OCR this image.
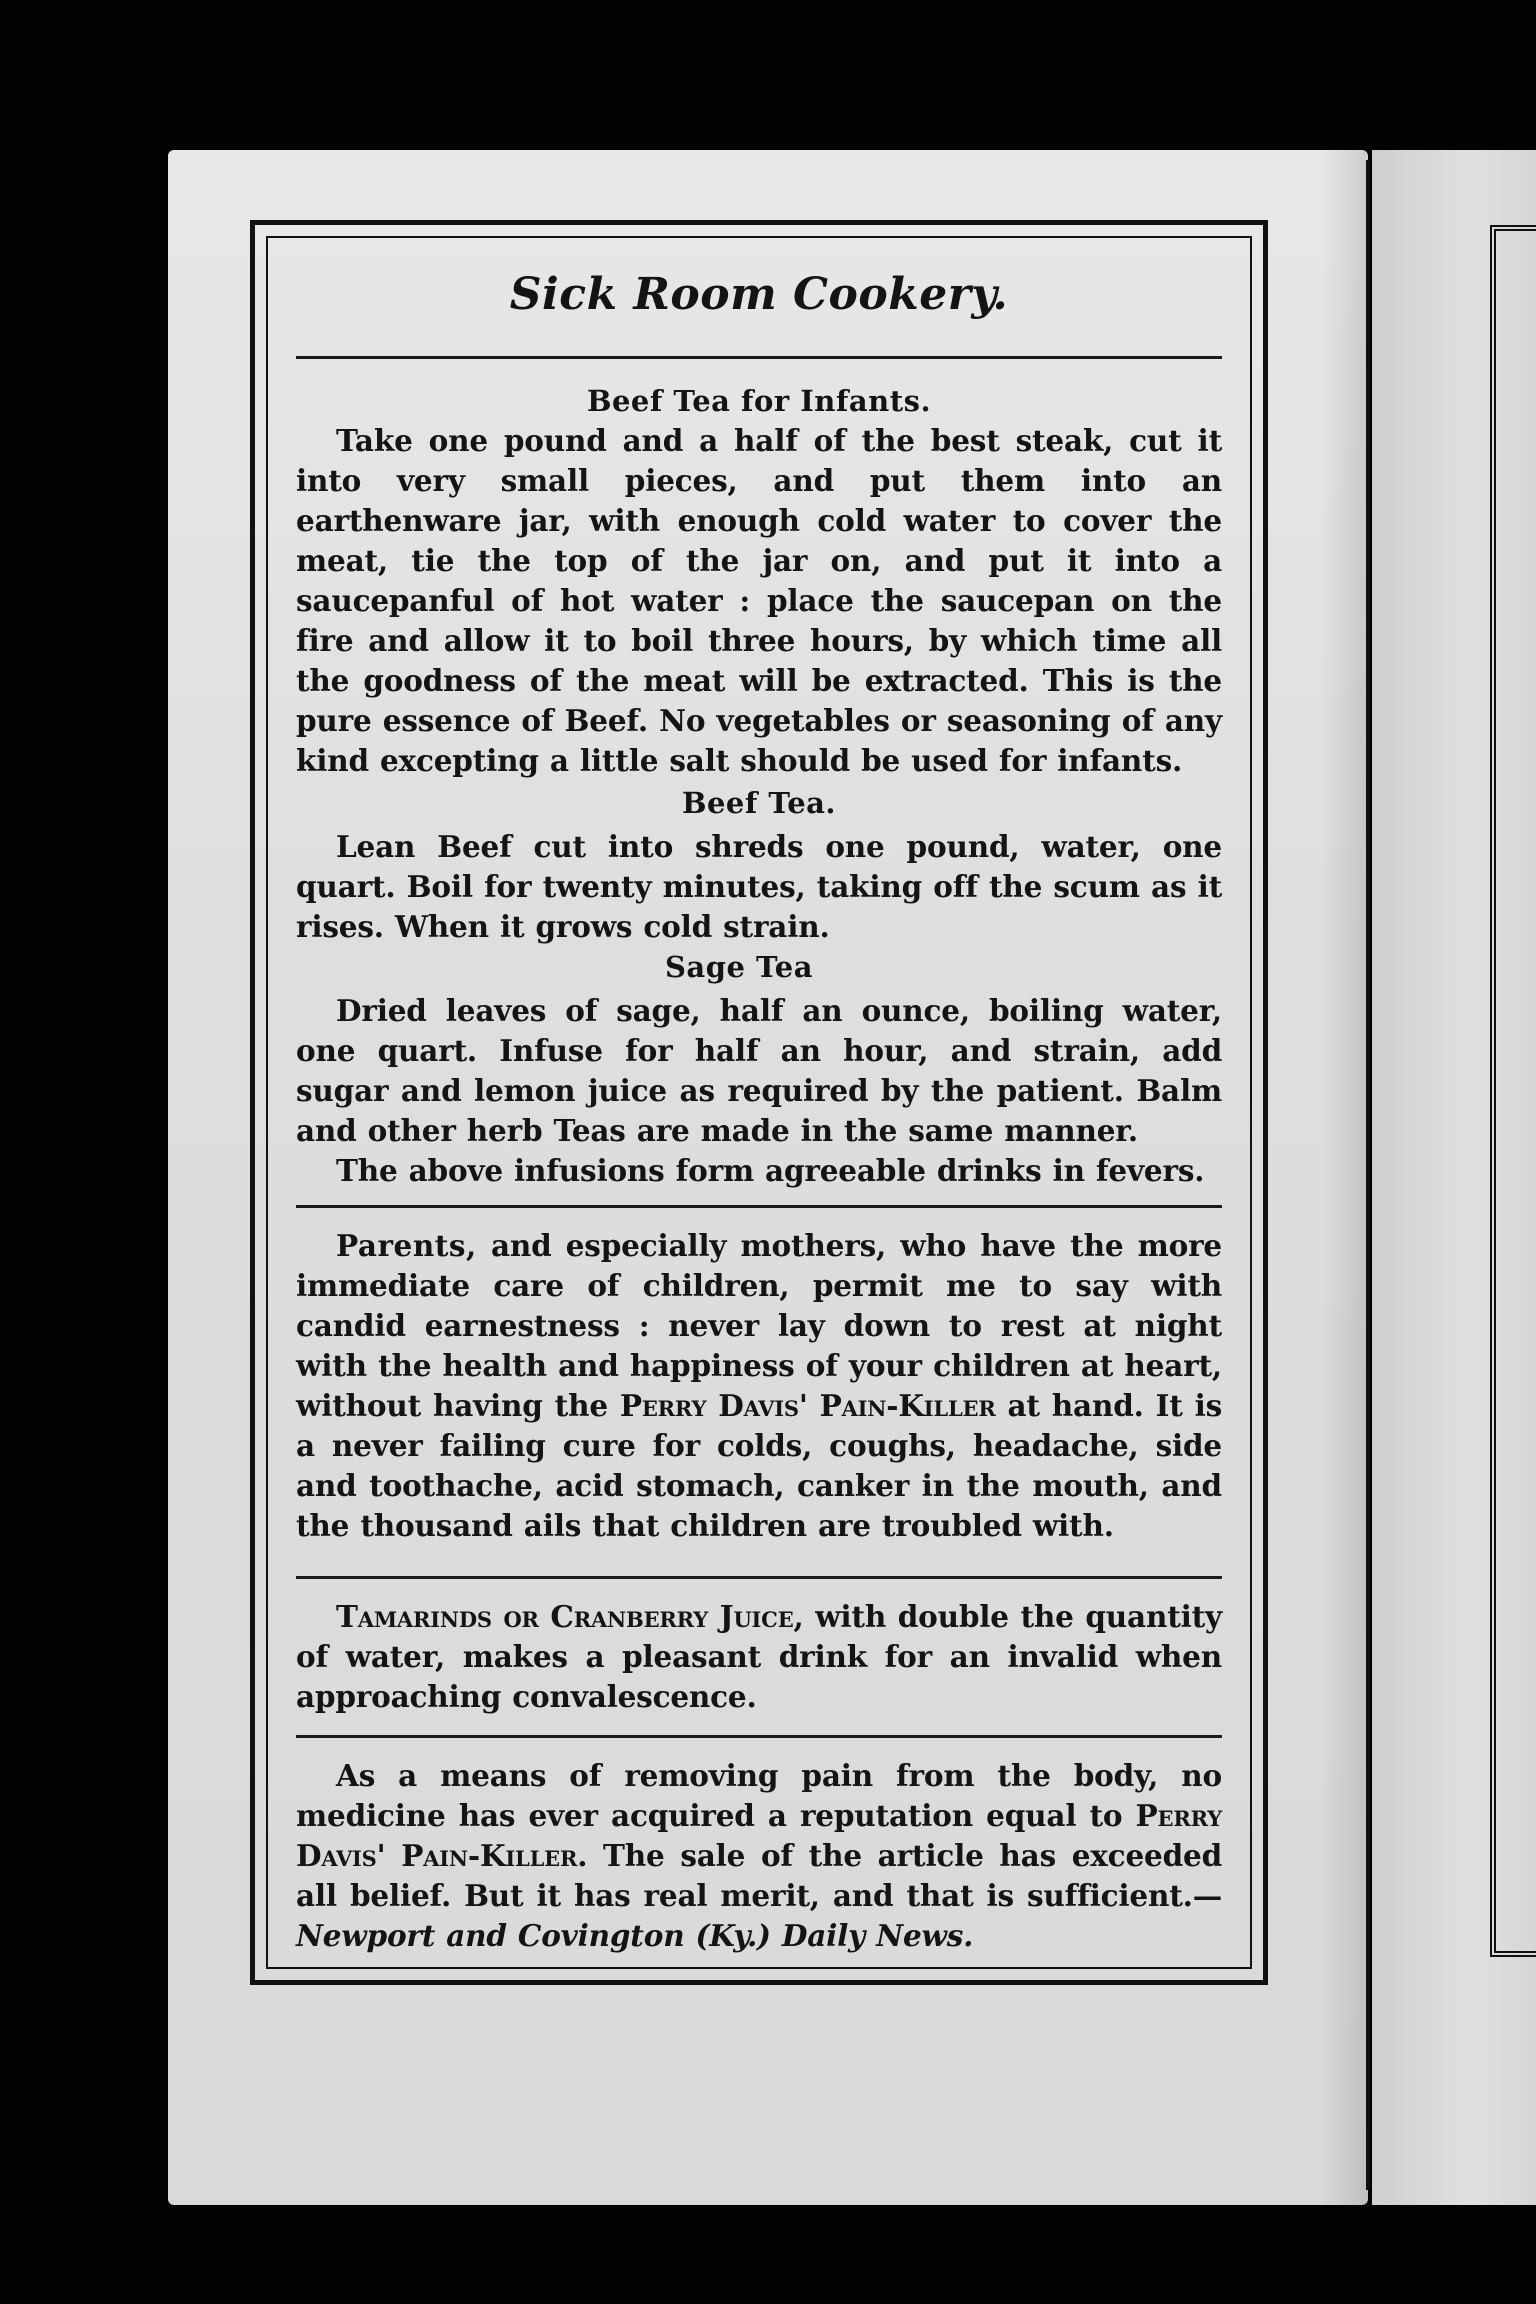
Sick Room Cookery.
Beef Tea for Infants.

Take one pound and a half of the best steak, cut it into very small pieces, and put them into an earthenware jar, with enough cold water to cover the meat, tie the top of the jar on, and put it into a saucepanful of hot water : place the saucepan on the fire and allow it to boil three hours, by which time all the goodness of the meat will be extracted. This is the pure essence of Beef. No vegetables or seasoning of any kind excepting a little salt should be used for infants.

Beef Tea.

Lean Beef cut into shreds one pound, water, one quart. Boil for twenty minutes, taking off the scum as it rises. When it grows cold strain.

Sage Tea

Dried leaves of sage, half an ounce, boiling water, one quart. Infuse for half an hour, and strain, add sugar and lemon juice as required by the patient. Balm and other herb Teas are made in the same manner.

The above infusions form agreeable drinks in fevers.

Parents, and especially mothers, who have the more immediate care of children, permit me to say with candid earnestness : never lay down to rest at night with the health and happiness of your children at heart, without having the Perry Davis' Pain-Killer at hand. It is a never failing cure for colds, coughs, headache, side and toothache, acid stomach, canker in the mouth, and the thousand ails that children are troubled with.

Tamarinds or Cranberry Juice, with double the quantity of water, makes a pleasant drink for an invalid when approaching convalescence.

As a means of removing pain from the body, no medicine has ever acquired a reputation equal to Perry Davis' Pain-Killer. The sale of the article has exceeded all belief. But it has real merit, and that is sufficient.—Newport and Covington (Ky.) Daily News.
